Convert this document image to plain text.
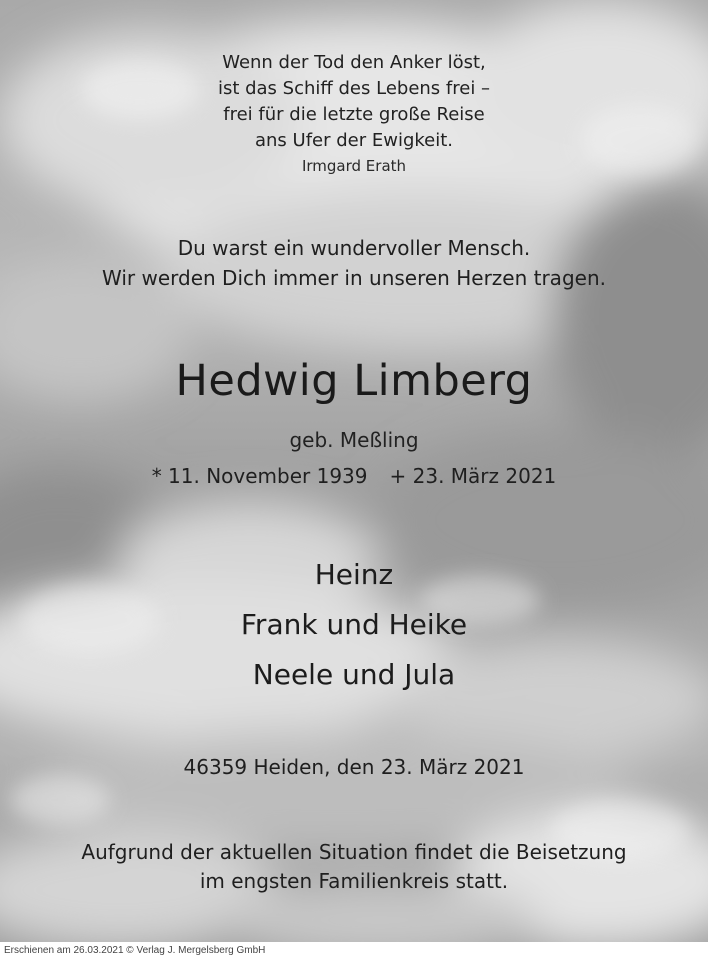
Wenn der Tod den Anker löst,

ist das Schiff des Lebens frei –

frei für die letzte große Reise

ans Ufer der Ewigkeit.

Irmgard Erath

Du warst ein wundervoller Mensch.

Wir werden Dich immer in unseren Herzen tragen.

Hedwig Limberg

geb. Meßling

* 11. November 1939 + 23. März 2021

Heinz

Frank und Heike

Neele und Jula

46359 Heiden, den 23. März 2021

Aufgrund der aktuellen Situation findet die Beisetzung

im engsten Familienkreis statt.

Erschienen am 26.03.2021 © Verlag J. Mergelsberg GmbH
